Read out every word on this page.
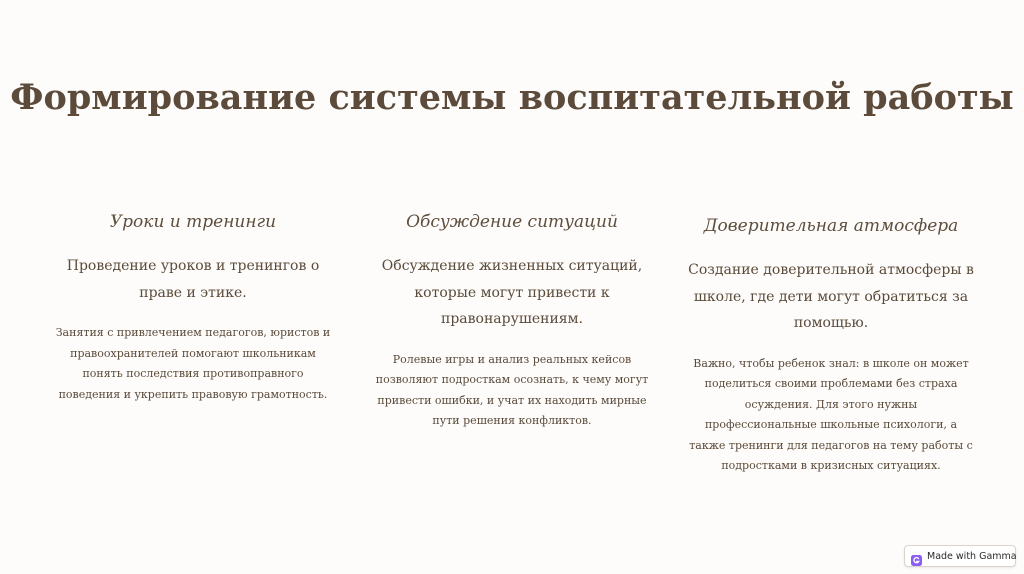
Формирование системы воспитательной работы

Уроки и тренинги

Проведение уроков и тренингов о праве и этике.

Занятия с привлечением педагогов, юристов и правоохранителей помогают школьникам понять последствия противоправного поведения и укрепить правовую грамотность.

Обсуждение ситуаций

Обсуждение жизненных ситуаций, которые могут привести к правонарушениям.

Ролевые игры и анализ реальных кейсов позволяют подросткам осознать, к чему могут привести ошибки, и учат их находить мирные пути решения конфликтов.

Доверительная атмосфера

Создание доверительной атмосферы в школе, где дети могут обратиться за помощью.

Важно, чтобы ребенок знал: в школе он может поделиться своими проблемами без страха осуждения. Для этого нужны профессиональные школьные психологи, а также тренинги для педагогов на тему работы с подростками в кризисных ситуациях.

Made with Gamma
